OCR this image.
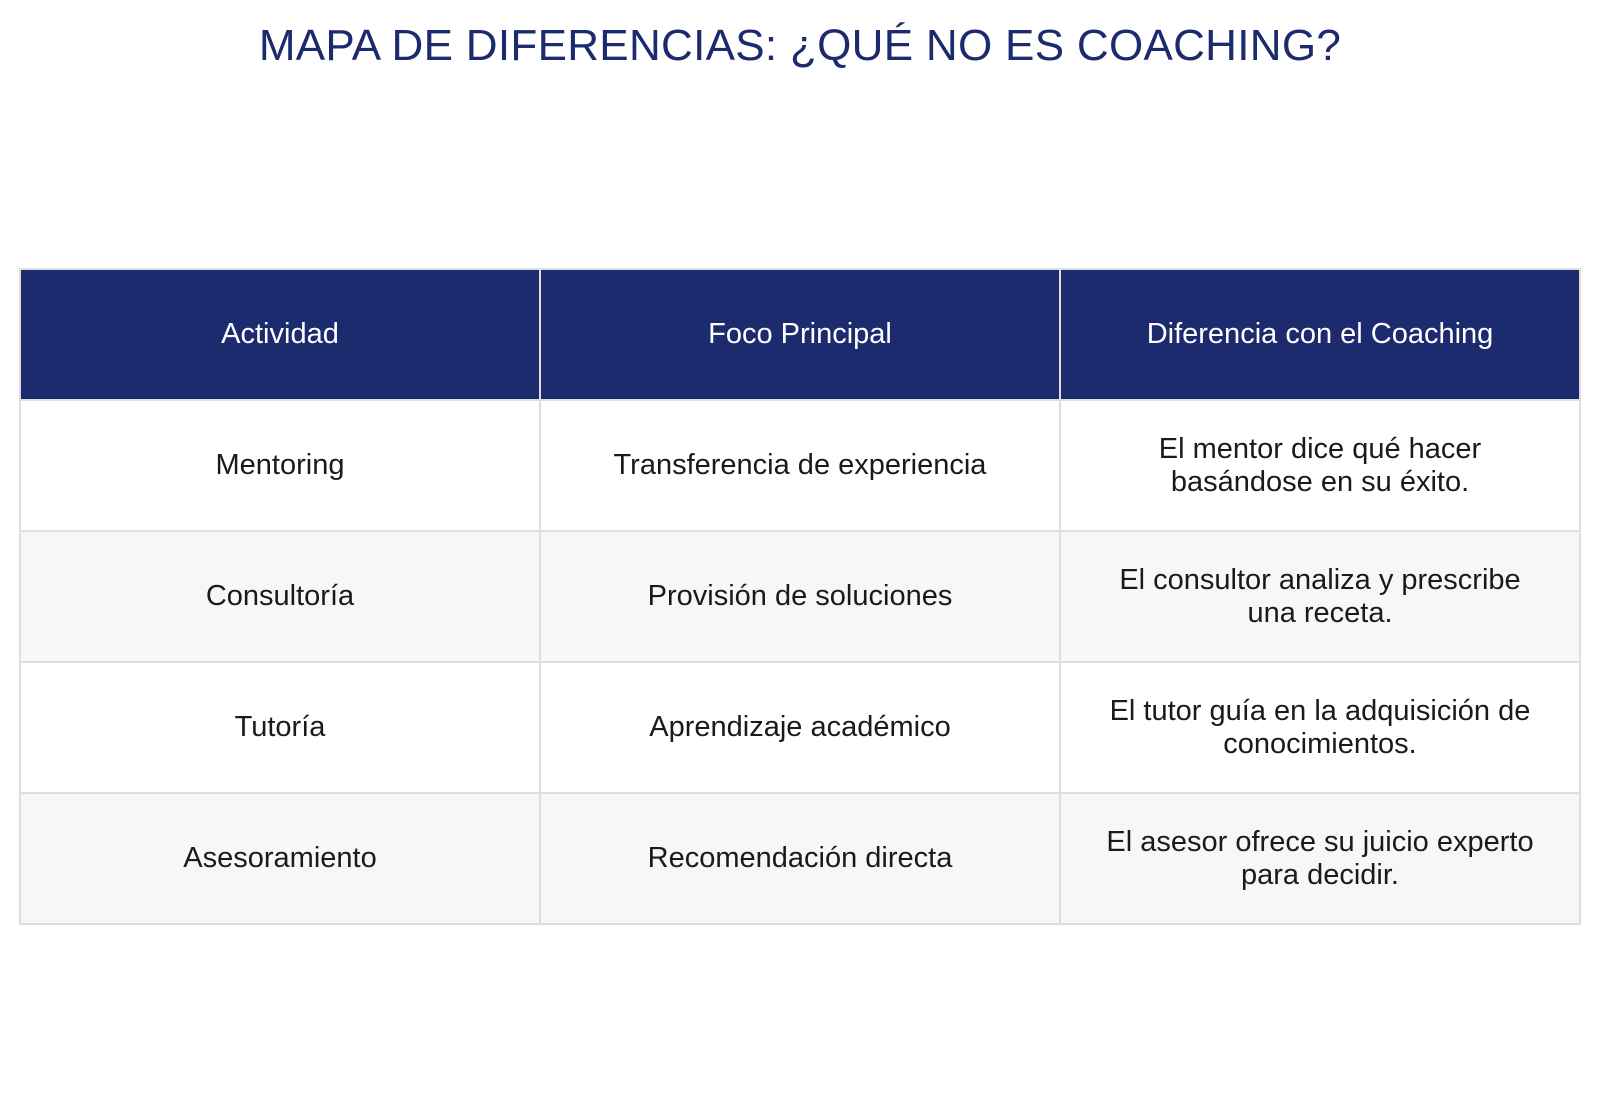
MAPA DE DIFERENCIAS: ¿QUÉ NO ES COACHING?
Actividad	Foco Principal	Diferencia con el Coaching
Mentoring	Transferencia de experiencia	El mentor dice qué hacer basándose en su éxito.
Consultoría	Provisión de soluciones	El consultor analiza y prescribe una receta.
Tutoría	Aprendizaje académico	El tutor guía en la adquisición de conocimientos.
Asesoramiento	Recomendación directa	El asesor ofrece su juicio experto para decidir.
